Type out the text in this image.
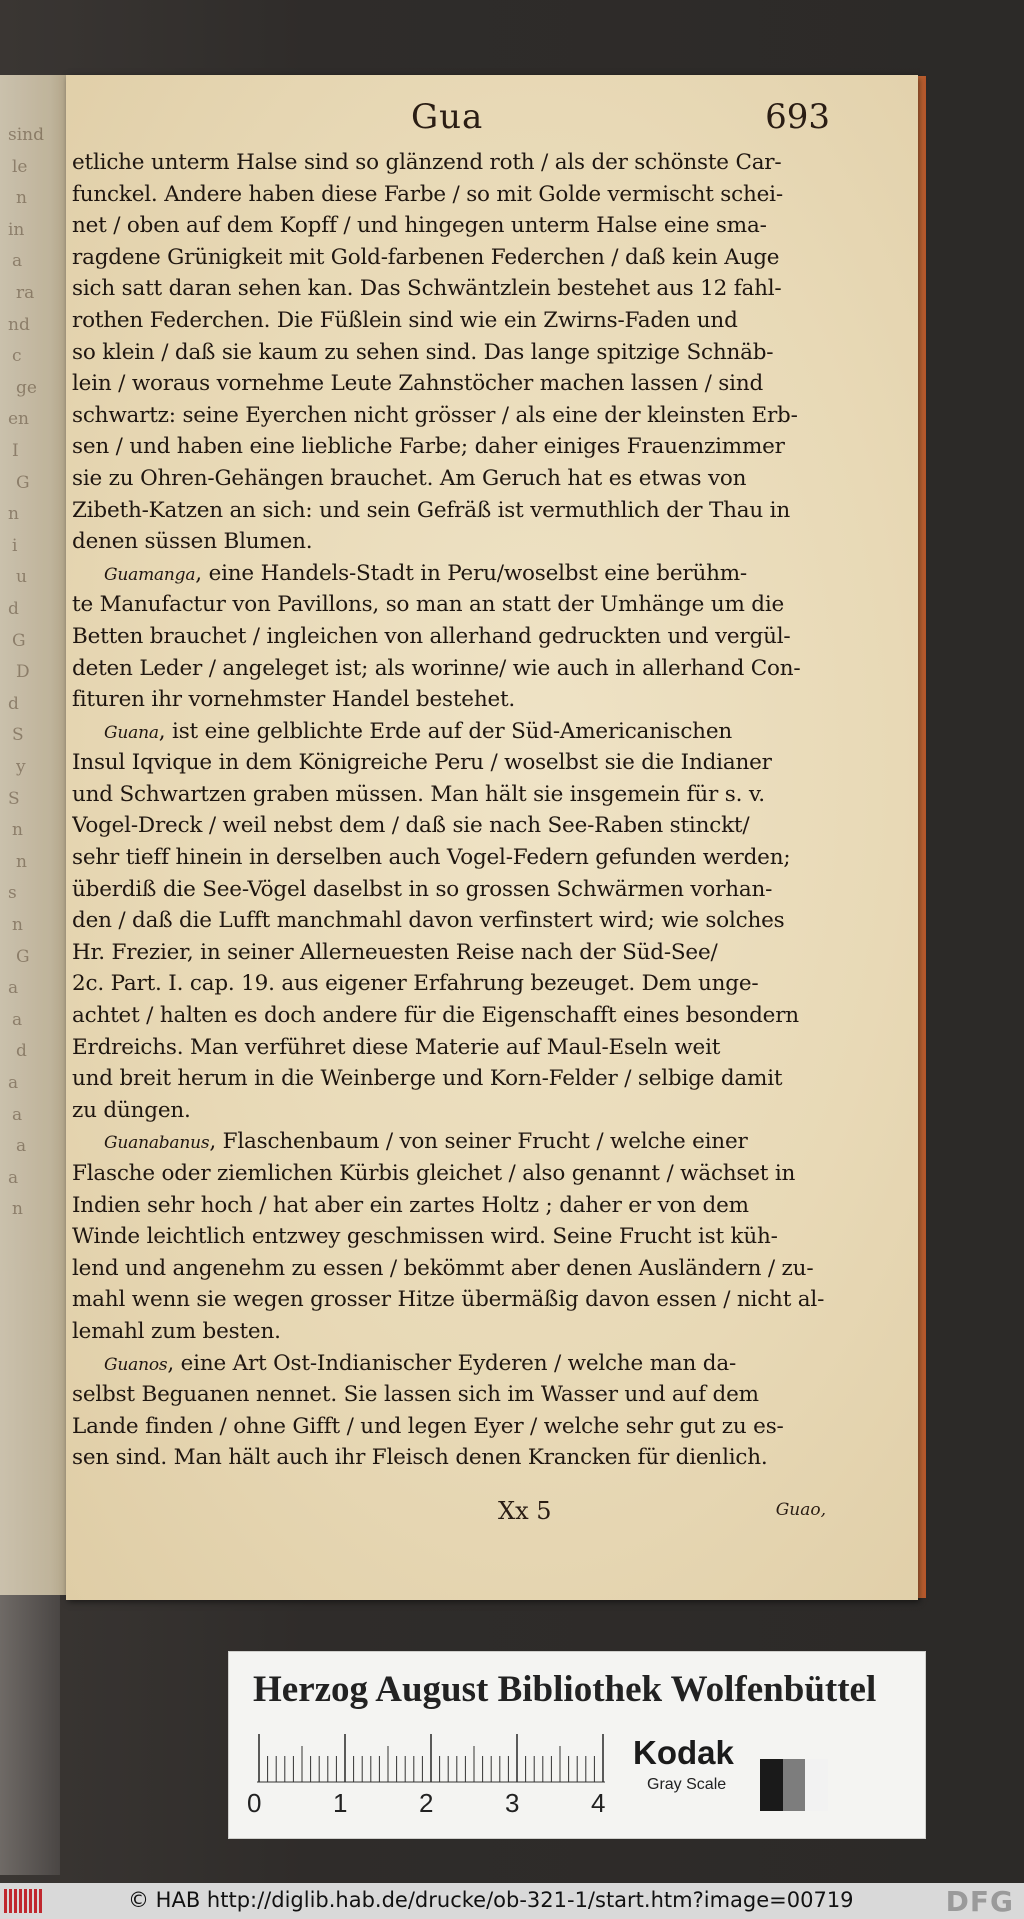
sind
le
n
in
a
ra
nd
c
ge
en
I
G
n
i
u
d
G
D
d
S
y
S
n
n
s
n
G
a
a
d
a
a
a
a
n
Gua	693
etliche unterm Halse sind so glänzend roth / als der schönste Car-
funckel. Andere haben diese Farbe / so mit Golde vermischt schei-
net / oben auf dem Kopff / und hingegen unterm Halse eine sma-
ragdene Grünigkeit mit Gold-farbenen Federchen / daß kein Auge
sich satt daran sehen kan. Das Schwäntzlein bestehet aus 12 fahl-
rothen Federchen. Die Füßlein sind wie ein Zwirns-Faden und
so klein / daß sie kaum zu sehen sind. Das lange spitzige Schnäb-
lein / woraus vornehme Leute Zahnstöcher machen lassen / sind
schwartz: seine Eyerchen nicht grösser / als eine der kleinsten Erb-
sen / und haben eine liebliche Farbe; daher einiges Frauenzimmer
sie zu Ohren-Gehängen brauchet. Am Geruch hat es etwas von
Zibeth-Katzen an sich: und sein Gefräß ist vermuthlich der Thau in
denen süssen Blumen.
Guamanga, eine Handels-Stadt in Peru/woselbst eine berühm-
te Manufactur von Pavillons, so man an statt der Umhänge um die
Betten brauchet / ingleichen von allerhand gedruckten und vergül-
deten Leder / angeleget ist; als worinne/ wie auch in allerhand Con-
fituren ihr vornehmster Handel bestehet.
Guana, ist eine gelblichte Erde auf der Süd-Americanischen
Insul Iqvique in dem Königreiche Peru / woselbst sie die Indianer
und Schwartzen graben müssen. Man hält sie insgemein für s. v.
Vogel-Dreck / weil nebst dem / daß sie nach See-Raben stinckt/
sehr tieff hinein in derselben auch Vogel-Federn gefunden werden;
überdiß die See-Vögel daselbst in so grossen Schwärmen vorhan-
den / daß die Lufft manchmahl davon verfinstert wird; wie solches
Hr. Frezier, in seiner Allerneuesten Reise nach der Süd-See/
2c. Part. I. cap. 19. aus eigener Erfahrung bezeuget. Dem unge-
achtet / halten es doch andere für die Eigenschafft eines besondern
Erdreichs. Man verführet diese Materie auf Maul-Eseln weit
und breit herum in die Weinberge und Korn-Felder / selbige damit
zu düngen.
Guanabanus, Flaschenbaum / von seiner Frucht / welche einer
Flasche oder ziemlichen Kürbis gleichet / also genannt / wächset in
Indien sehr hoch / hat aber ein zartes Holtz ; daher er von dem
Winde leichtlich entzwey geschmissen wird. Seine Frucht ist küh-
lend und angenehm zu essen / bekömmt aber denen Ausländern / zu-
mahl wenn sie wegen grosser Hitze übermäßig davon essen / nicht al-
lemahl zum besten.
Guanos, eine Art Ost-Indianischer Eyderen / welche man da-
selbst Beguanen nennet. Sie lassen sich im Wasser und auf dem
Lande finden / ohne Gifft / und legen Eyer / welche sehr gut zu es-
sen sind. Man hält auch ihr Fleisch denen Krancken für dienlich.
Xx 5	Guao,
Herzog August Bibliothek Wolfenbüttel
0	1	2	3	4
Kodak
Gray Scale
© HAB http://diglib.hab.de/drucke/ob-321-1/start.htm?image=00719	DFG
